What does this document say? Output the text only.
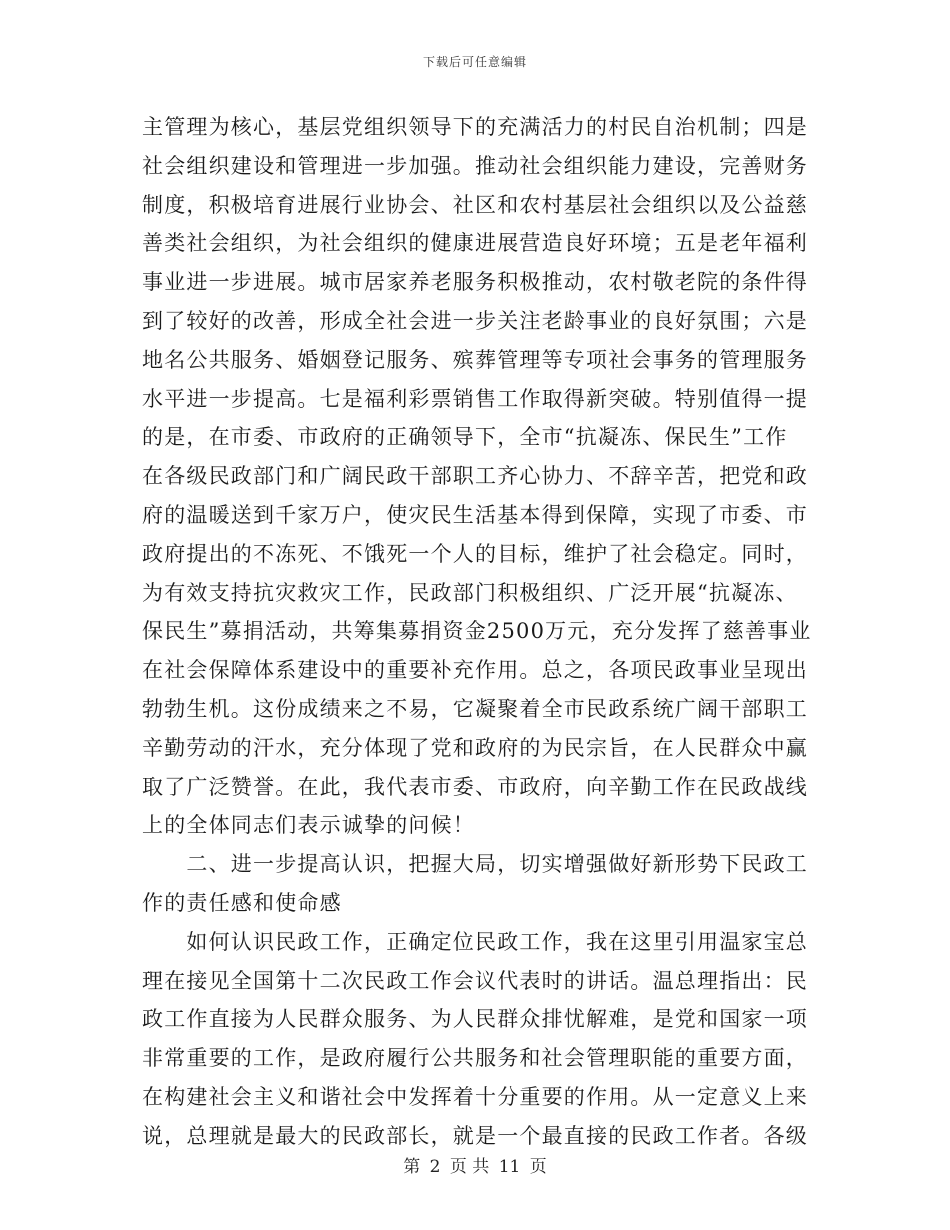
下载后可任意编辑
主管理为核心，基层党组织领导下的充满活力的村民自治机制；四是
社会组织建设和管理进一步加强。推动社会组织能力建设，完善财务
制度，积极培育进展行业协会、社区和农村基层社会组织以及公益慈
善类社会组织，为社会组织的健康进展营造良好环境；五是老年福利
事业进一步进展。城市居家养老服务积极推动，农村敬老院的条件得
到了较好的改善，形成全社会进一步关注老龄事业的良好氛围；六是
地名公共服务、婚姻登记服务、殡葬管理等专项社会事务的管理服务
水平进一步提高。七是福利彩票销售工作取得新突破。特别值得一提
的是，在市委、市政府的正确领导下，全市“抗凝冻、保民生”工作
在各级民政部门和广阔民政干部职工齐心协力、不辞辛苦，把党和政
府的温暖送到千家万户，使灾民生活基本得到保障，实现了市委、市
政府提出的不冻死、不饿死一个人的目标，维护了社会稳定。同时，
为有效支持抗灾救灾工作，民政部门积极组织、广泛开展“抗凝冻、
保民生”募捐活动，共筹集募捐资金2500万元，充分发挥了慈善事业
在社会保障体系建设中的重要补充作用。总之，各项民政事业呈现出
勃勃生机。这份成绩来之不易，它凝聚着全市民政系统广阔干部职工
辛勤劳动的汗水，充分体现了党和政府的为民宗旨，在人民群众中赢
取了广泛赞誉。在此，我代表市委、市政府，向辛勤工作在民政战线
上的全体同志们表示诚挚的问候！
　　二、进一步提高认识，把握大局，切实增强做好新形势下民政工
作的责任感和使命感
　　如何认识民政工作，正确定位民政工作，我在这里引用温家宝总
理在接见全国第十二次民政工作会议代表时的讲话。温总理指出：民
政工作直接为人民群众服务、为人民群众排忧解难，是党和国家一项
非常重要的工作，是政府履行公共服务和社会管理职能的重要方面，
在构建社会主义和谐社会中发挥着十分重要的作用。从一定意义上来
说，总理就是最大的民政部长，就是一个最直接的民政工作者。各级
第 2 页 共 11 页
